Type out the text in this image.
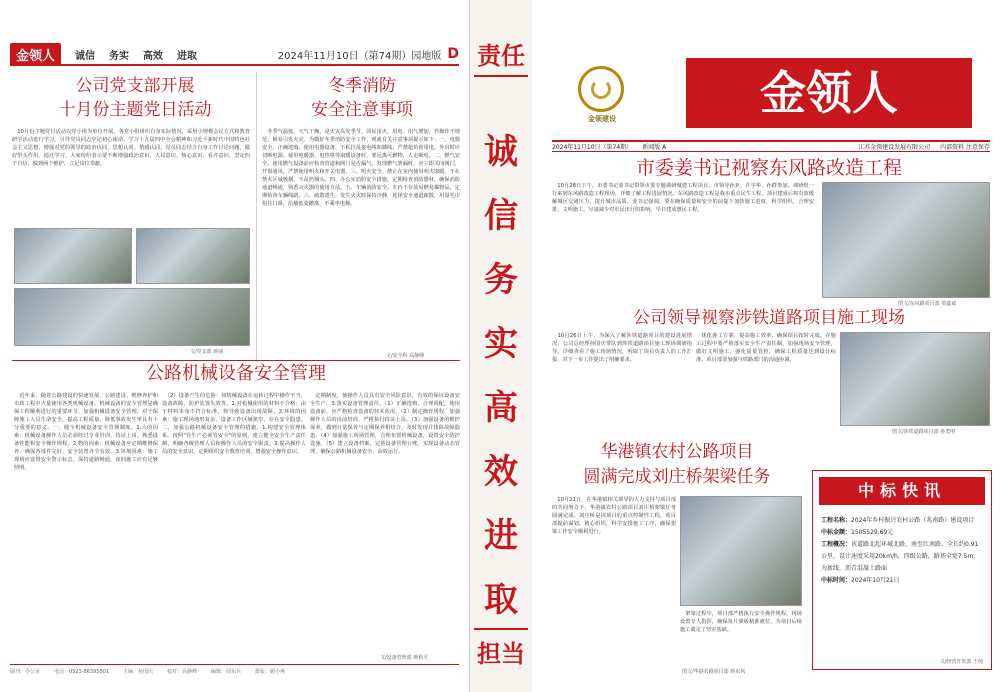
金领人	诚信 务实 高效 进取	2024年11月10日（第74期）园地版 D
公司党支部开展
十月份主题党日活动
　10月份主题党日活动以党小组为单位开展，各党小组组织自身实际情况，采用小规模会议方式和教育研学活动进行学习，引导党员同志牢记初心使命。学习十九届四中全会精神和习近平新时代中国特色社会主义思想，增强对党的领导的政治认同、思想认同、情感认同。党员同志结合自身工作讨论问题，做好带头作用。通过学习，大家纷纷表示要不断增强政治意识、大局意识、核心意识、看齐意识，坚定四个自信，做到两个维护，立足岗位奉献。
文/党支部 蒋丽
冬季消防
安全注意事项
　冬季气温低，天气干燥，是火灾高发季节。回民用火、用电、用气增加，若操作不规范，极易引发火灾。为做好冬季消防安全工作，现就有关注意事项提示如下：一、电器安全。正确选购、使用电器设备，不私拉乱接电线和插线，严禁超负荷用电。外出时应切断电源。使用电暖器、电热毯等取暖设备时，要远离可燃物，人走断电。二、燃气安全。使用燃气设备前应检查管道和阀门是否漏气，发现燃气泄漏时，应立即关闭阀门，开窗通风，严禁使用明火和开关电器。三、明火安全。禁止在室内使用明火取暖，不在禁火区域吸烟，不乱扔烟头。四、办公室消防安全措施。定期检查消防器材，确保消防通道畅通，熟悉灭火器的使用方法。五、车辆消防安全。车内不存放易燃易爆物品，定期检查车辆线路。六、疏散逃生。发生火灾时保持冷静，选择安全通道疏散，用湿毛巾捂住口鼻，沿墙低姿撤离，不乘坐电梯。
文/安全科 高静峰
公路机械设备安全管理
　近年来，随着公路建设的快速发展，公路建设、维修养护和市政工程中大量使用各类机械设备。机械设备的安全管理是确保工程顺利进行的重要环节。加强机械设备安全管理，对于保障施工人员生命安全，提高工程质量，降低事故发生率具有十分重要的意义。一、健全机械设备安全管理制度。1.人的因素：机械设备操作人员必须经过专业培训，持证上岗，熟悉设备性能和安全操作规程。2.物的因素：机械设备应定期维修保养，确保各部件完好，安全装置齐全有效。3.环境因素：施工现场应设置安全警示标志，保持道路畅通，夜间施工应有足够照明。
　（2）设备产生的危险：如机械设备在运转过程中操作不当，设备故障，防护装置失效等。1.对机械使用的材料不合格：由于材料本身不符合标准，将导致设备出现故障。2.环境的因素：施工现场地形复杂，设备工作区域狭窄，存在安全隐患。二、加强公路机械设备安全管理的措施。1.构建安全管理体系。按照"管生产必须管安全"的原则，建立健全安全生产责任制，明确各级管理人员和操作人员的安全职责。2.提高操作人员的安全意识。定期组织安全教育培训，增强安全操作意识。
　定期制度，使操作人员具有安全风险意识，有效的保证设备安全生产。3.落实设备管理责任。（1）正确选购、合理调配。使用设备前，应严格检查设备的技术状况。（2）制定操作规程，加强操作人员的岗前培训，严格执行持证上岗。（3）加强设备的维护保养，做到日常保养与定期保养相结合，及时发现并排除故障隐患。（4）加强施工现场管理，合理布置机械设备，设置安全防护设施。（5）建立设备档案，完善设备管理台账，实现设备动态管理，确保公路机械设备安全、高效运行。
文/设备管理部 蒋和平
副刊：办公室	电话：0523-86395801	主编：孙国庆	校对：高静峰	编辑：周东兵	排版：顾小燕
责任
诚
信
务
实
高
效
进
取
担当
金领建设	金领人
2024年11月10日（第74期） 新闻版 A	江苏金领建设发展有限公司 内部资料 注意保存
市委姜书记视察东风路改造工程
　10月28日下午，市委书记姜书记带领市委专题调研城建工程项目，市领导孙亚、许学华、孙群参加。调研组一行来到东风路改造工程现场，详细了解工程进展情况。东风路改造工程是我市重点民生工程，项目建成后将有效缓解城区交通压力，提升城市品质。姜书记强调，要在确保质量和安全的前提下加快施工进度，科学组织，合理安排，文明施工，尽量减少对市民出行的影响，早日建成惠民工程。
图文/东风路项目部 贾鑫斌
公司领导视察涉铁道路项目施工现场
　10月26日上午，为深入了解涉铁道路项目的建设进展情况，公司总经理孙国庆带队到涉铁道路项目施工现场调研指导，详细查看了施工现场情况，听取了项目负责人的工作汇报，对下一步工作提出了明确要求。
　优化施工方案，提高施工效率，确保项目按时完成。在施工过程中要严格落实安全生产责任制，加强现场安全管理，做好文明施工，强化质量管控，确保工程质量达到设计标准。项目部要加强与铁路部门的沟通协调。
图文/涉铁道路项目部 孙勇明
华港镇农村公路项目
圆满完成刘庄桥架梁任务
　10月21日，在华港镇相关领导的大力支持与项目部的共同努力下，华港镇农村公路项目刘庄桥架梁任务圆满完成。刘庄桥是该项目的重点控制性工程，项目部提前谋划，精心组织，科学安排施工工序，确保架梁工作安全顺利进行。
　架梁过程中，项目部严格执行安全操作规程，现场设置专人指挥，确保每片梁板精准就位，为项目后续施工奠定了坚实基础。
图文/华港农路项目部 蒋东风
中标快讯
工程名称：2024年乡村振兴农村公路（兆南路）建设项目
中标金额：1505529.69元
工程概况：该道路北起环城北路，南至红南路，全长约0.91公里，设计速度采用20km/h，四级公路，路基全宽7.5m，为新线，沥青混凝土路面
中标时间：2024年10月21日
文/经营开发部 王纯
